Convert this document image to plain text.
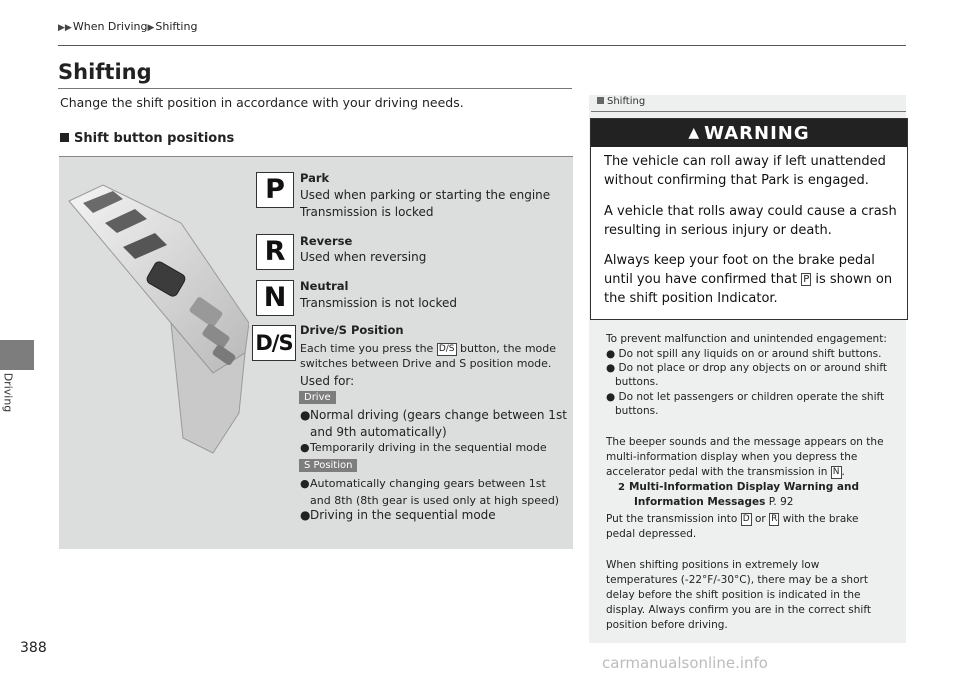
Driving
▶▶When Driving▶Shifting
Shifting
Change the shift position in accordance with your driving needs.
Shift button positions
P	Park
Used when parking or starting the engine
Transmission is locked
R	Reverse
Used when reversing
N	Neutral
Transmission is not locked
D/S
Drive/S Position
Each time you press the D/S button, the mode
switches between Drive and S position mode.
Used for:
Drive
●Normal driving (gears change between 1st
and 9th automatically)
●Temporarily driving in the sequential mode
S Position
●Automatically changing gears between 1st
and 8th (8th gear is used only at high speed)
●Driving in the sequential mode
Shifting
▲ WARNING
The vehicle can roll away if left unattended without confirming that Park is engaged.
A vehicle that rolls away could cause a crash resulting in serious injury or death.
Always keep your foot on the brake pedal until you have confirmed that P is shown on the shift position Indicator.
To prevent malfunction and unintended engagement:
● Do not spill any liquids on or around shift buttons.
● Do not place or drop any objects on or around shift
buttons.
● Do not let passengers or children operate the shift
buttons.
The beeper sounds and the message appears on the
multi-information display when you depress the
accelerator pedal with the transmission in N .
2 Multi-Information Display Warning and
Information Messages P. 92
Put the transmission into D or R with the brake
pedal depressed.
When shifting positions in extremely low
temperatures (-22°F/-30°C), there may be a short
delay before the shift position is indicated in the
display. Always confirm you are in the correct shift
position before driving.
388
carmanualsonline.info
